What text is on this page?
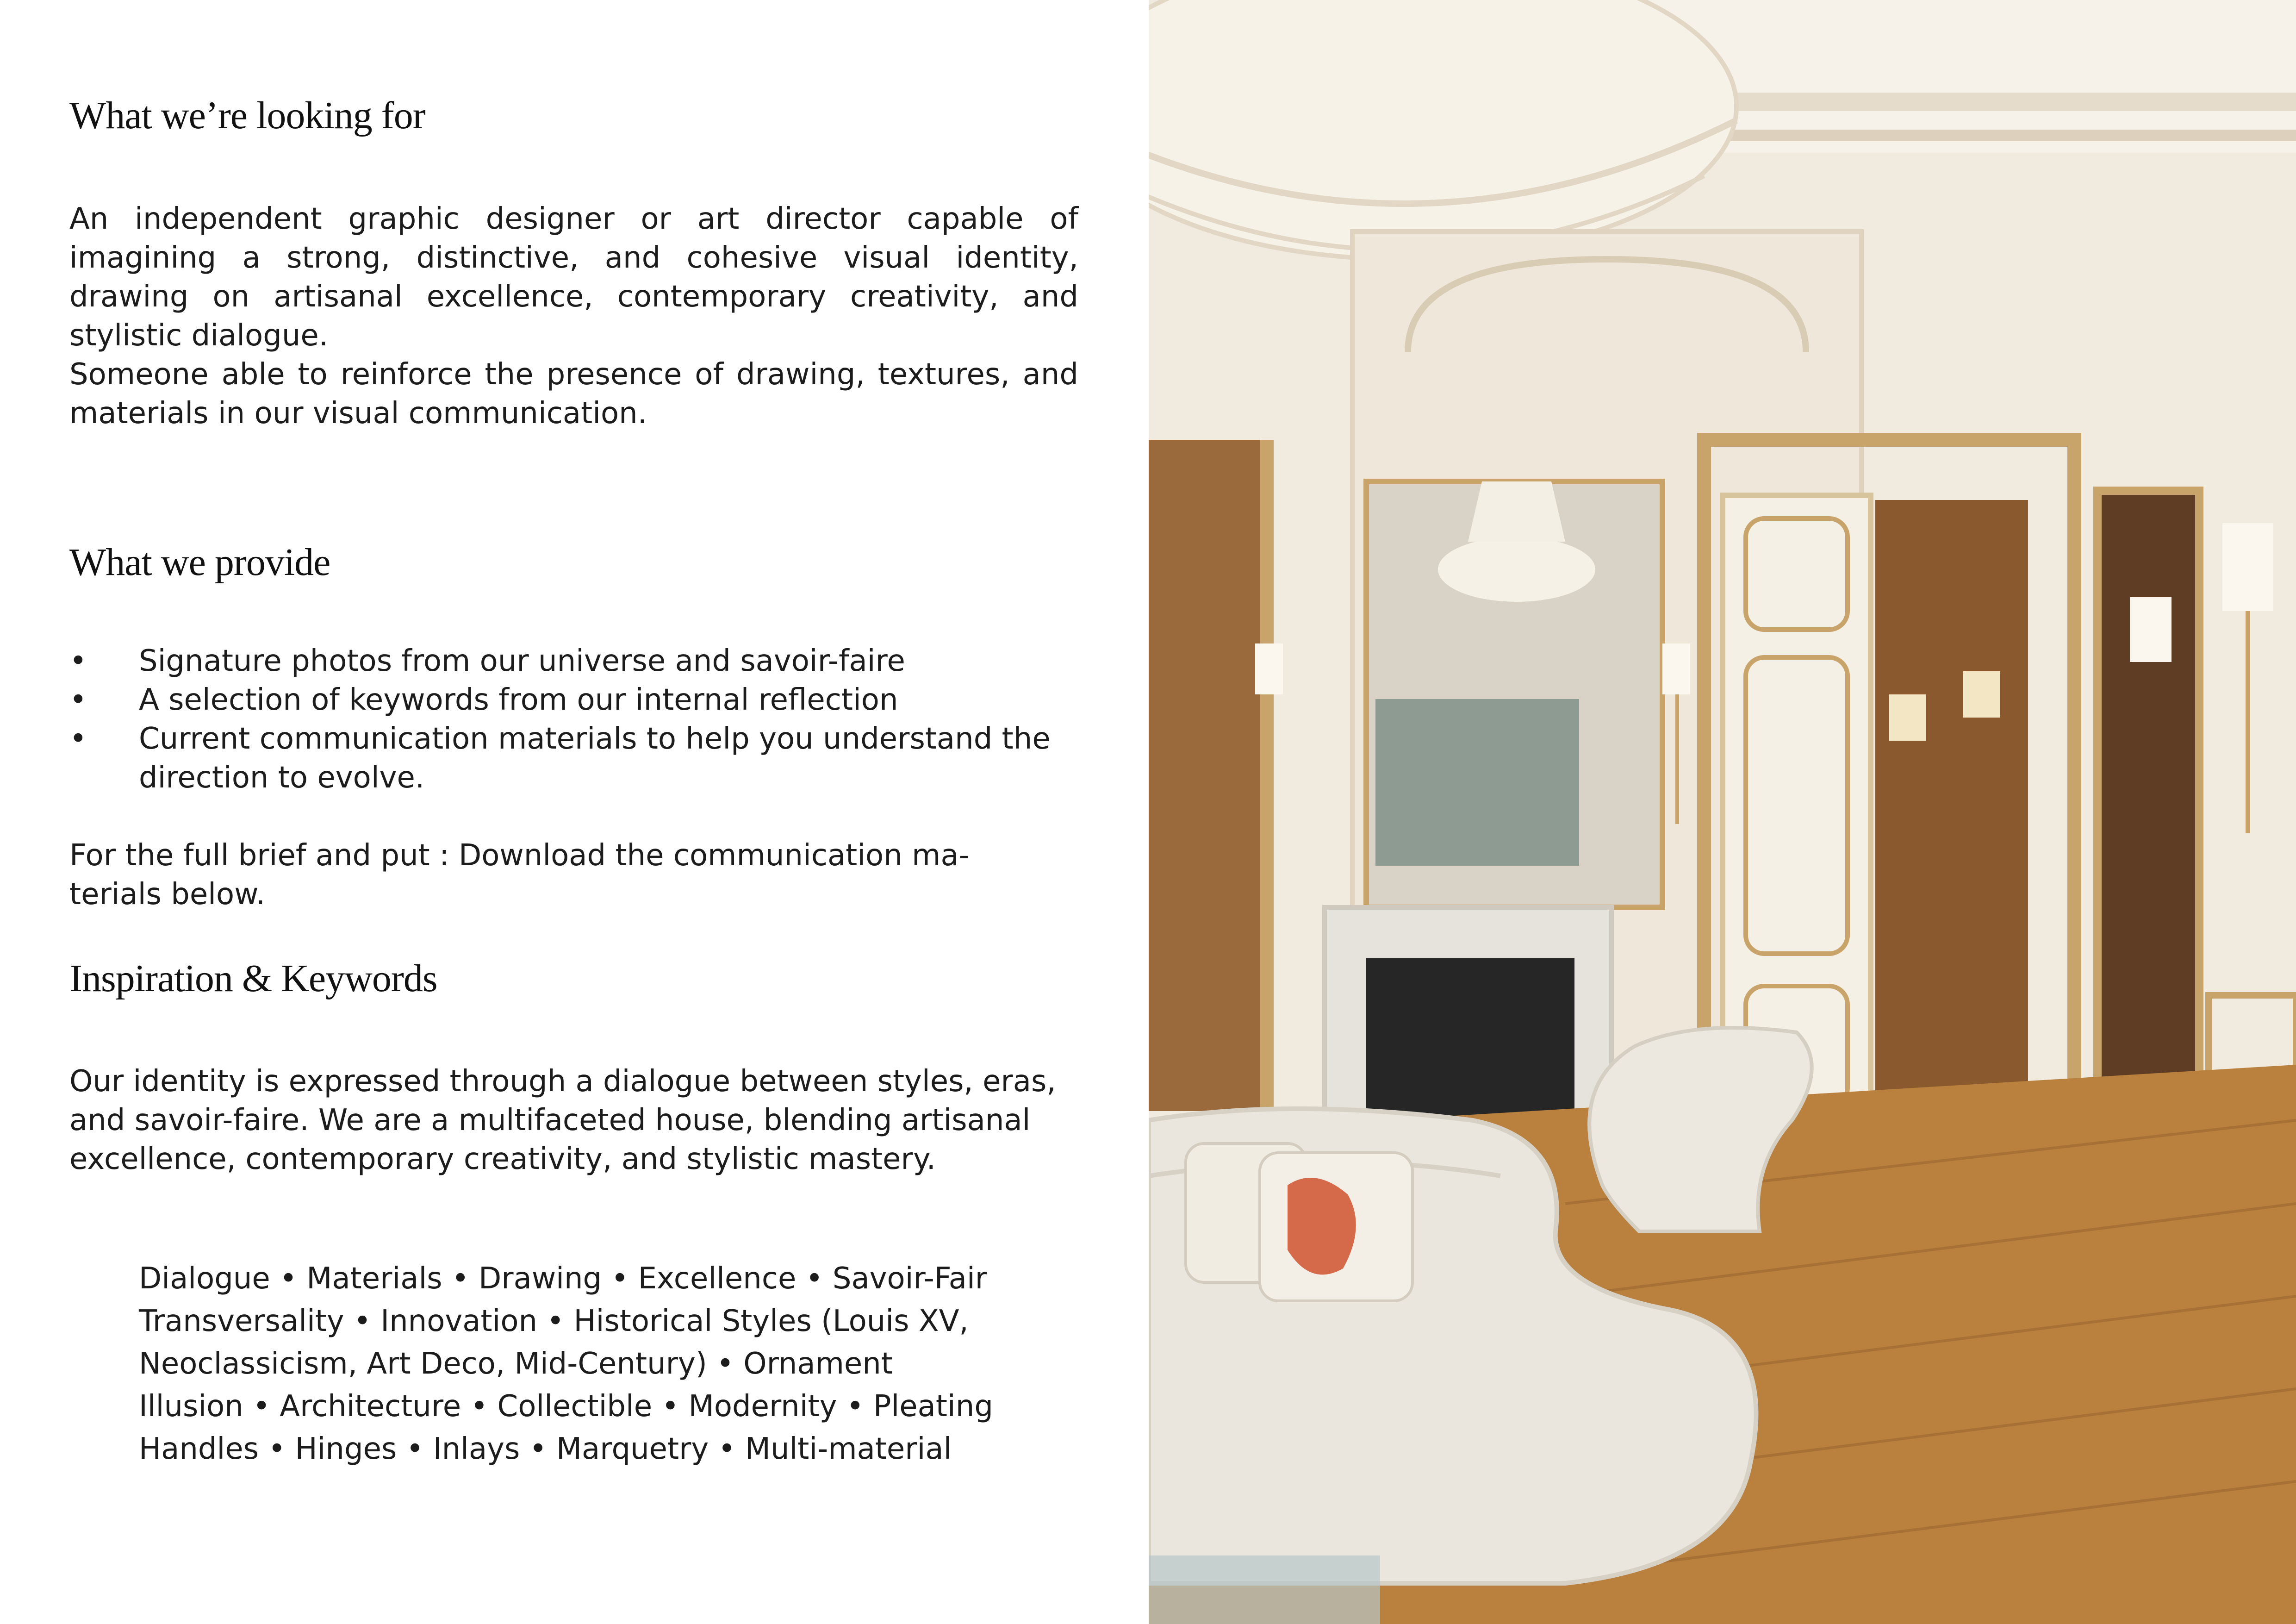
What we’re looking for

An independent graphic designer or art director capable of imagining a strong, distinctive, and cohesive visual identity, drawing on artisanal excellence, contemporary creativity, and stylistic dialogue.

Someone able to reinforce the presence of drawing, textures, and materials in our visual communication.

What we provide
• Signature photos from our universe and savoir-faire
• A selection of keywords from our internal reflection
• Current communication materials to help you understand the direction to evolve.

For the full brief and put : Download the communication ma-
terials below.

Inspiration & Keywords

Our identity is expressed through a dialogue between styles, eras, and savoir-faire. We are a multifaceted house, blending artisanal excellence, contemporary creativity, and stylistic mastery.

Dialogue • Materials • Drawing • Excellence • Savoir-Fair

Transversality • Innovation • Historical Styles (Louis XV,

Neoclassicism, Art Deco, Mid-Century) • Ornament

Illusion • Architecture • Collectible • Modernity • Pleating

Handles • Hinges • Inlays • Marquetry • Multi-material
